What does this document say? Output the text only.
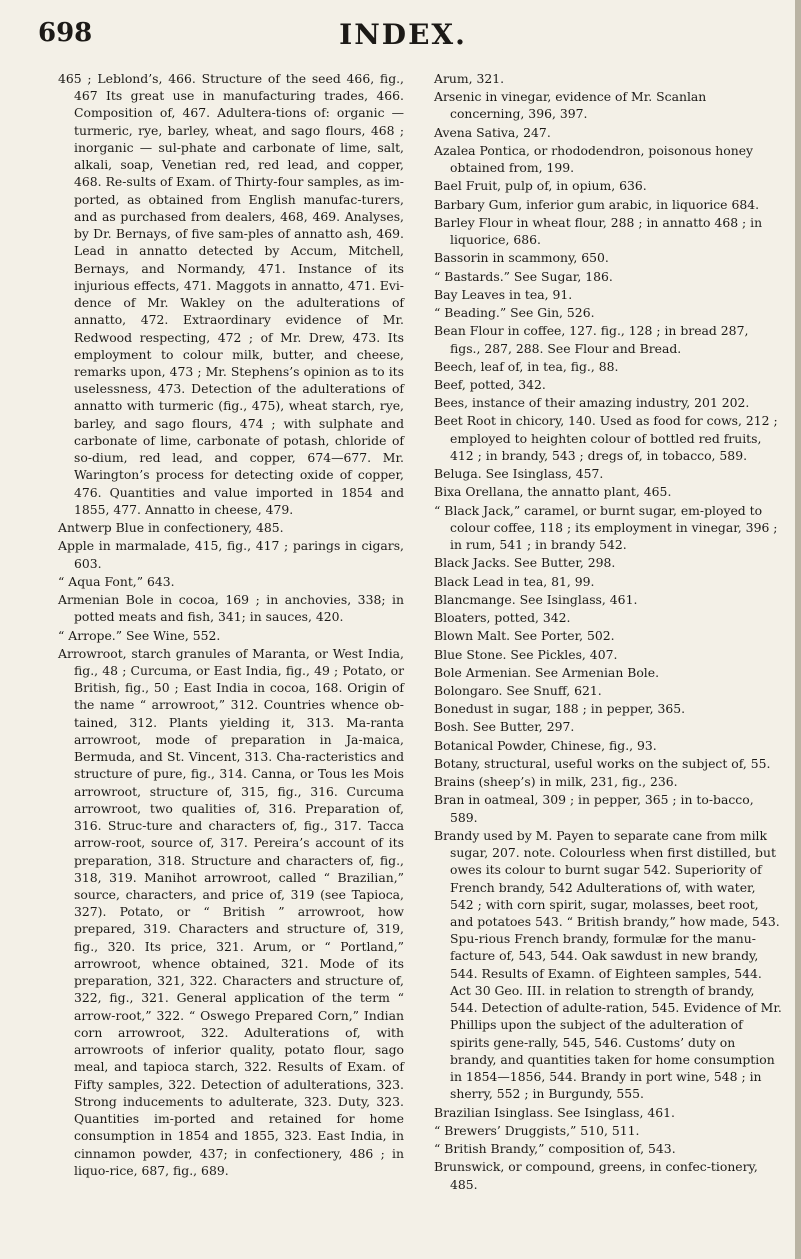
698	INDEX.

465 ; Leblond’s, 466. Structure of the seed 466, fig., 467 Its great use in manufacturing trades, 466. Composition of, 467. Adultera-tions of: organic — turmeric, rye, barley, wheat, and sago flours, 468 ; inorganic — sul-phate and carbonate of lime, salt, alkali, soap, Venetian red, red lead, and copper, 468. Re-sults of Exam. of Thirty-four samples, as im-ported, as obtained from English manufac-turers, and as purchased from dealers, 468, 469. Analyses, by Dr. Bernays, of five sam-ples of annatto ash, 469. Lead in annatto detected by Accum, Mitchell, Bernays, and Normandy, 471. Instance of its injurious effects, 471. Maggots in annatto, 471. Evi-dence of Mr. Wakley on the adulterations of annatto, 472. Extraordinary evidence of Mr. Redwood respecting, 472 ; of Mr. Drew, 473. Its employment to colour milk, butter, and cheese, remarks upon, 473 ; Mr. Stephens’s opinion as to its uselessness, 473. Detection of the adulterations of annatto with turmeric (fig., 475), wheat starch, rye, barley, and sago flours, 474 ; with sulphate and carbonate of lime, carbonate of potash, chloride of so-dium, red lead, and copper, 674—677. Mr. Warington’s process for detecting oxide of copper, 476. Quantities and value imported in 1854 and 1855, 477. Annatto in cheese, 479.

Antwerp Blue in confectionery, 485.

Apple in marmalade, 415, fig., 417 ; parings in cigars, 603.

“ Aqua Font,” 643.

Armenian Bole in cocoa, 169 ; in anchovies, 338; in potted meats and fish, 341; in sauces, 420.

“ Arrope.” See Wine, 552.

Arrowroot, starch granules of Maranta, or West India, fig., 48 ; Curcuma, or East India, fig., 49 ; Potato, or British, fig., 50 ; East India in cocoa, 168. Origin of the name “ arrowroot,” 312. Countries whence ob-tained, 312. Plants yielding it, 313. Ma-ranta arrowroot, mode of preparation in Ja-maica, Bermuda, and St. Vincent, 313. Cha-racteristics and structure of pure, fig., 314. Canna, or Tous les Mois arrowroot, structure of, 315, fig., 316. Curcuma arrowroot, two qualities of, 316. Preparation of, 316. Struc-ture and characters of, fig., 317. Tacca arrow-root, source of, 317. Pereira’s account of its preparation, 318. Structure and characters of, fig., 318, 319. Manihot arrowroot, called “ Brazilian,” source, characters, and price of, 319 (see Tapioca, 327). Potato, or “ British ” arrowroot, how prepared, 319. Characters and structure of, 319, fig., 320. Its price, 321. Arum, or “ Portland,” arrowroot, whence obtained, 321. Mode of its preparation, 321, 322. Characters and structure of, 322, fig., 321. General application of the term “ arrow-root,” 322. “ Oswego Prepared Corn,” Indian corn arrowroot, 322. Adulterations of, with arrowroots of inferior quality, potato flour, sago meal, and tapioca starch, 322. Results of Exam. of Fifty samples, 322. Detection of adulterations, 323. Strong inducements to adulterate, 323. Duty, 323. Quantities im-ported and retained for home consumption in 1854 and 1855, 323. East India, in cinnamon powder, 437; in confectionery, 486 ; in liquo-rice, 687, fig., 689.

Arum, 321.

Arsenic in vinegar, evidence of Mr. Scanlan concerning, 396, 397.

Avena Sativa, 247.

Azalea Pontica, or rhododendron, poisonous honey obtained from, 199.

Bael Fruit, pulp of, in opium, 636.

Barbary Gum, inferior gum arabic, in liquorice 684.

Barley Flour in wheat flour, 288 ; in annatto 468 ; in liquorice, 686.

Bassorin in scammony, 650.

“ Bastards.” See Sugar, 186.

Bay Leaves in tea, 91.

“ Beading.” See Gin, 526.

Bean Flour in coffee, 127. fig., 128 ; in bread 287, figs., 287, 288. See Flour and Bread.

Beech, leaf of, in tea, fig., 88.

Beef, potted, 342.

Bees, instance of their amazing industry, 201 202.

Beet Root in chicory, 140. Used as food for cows, 212 ; employed to heighten colour of bottled red fruits, 412 ; in brandy, 543 ; dregs of, in tobacco, 589.

Beluga. See Isinglass, 457.

Bixa Orellana, the annatto plant, 465.

“ Black Jack,” caramel, or burnt sugar, em-ployed to colour coffee, 118 ; its employment in vinegar, 396 ; in rum, 541 ; in brandy 542.

Black Jacks. See Butter, 298.

Black Lead in tea, 81, 99.

Blancmange. See Isinglass, 461.

Bloaters, potted, 342.

Blown Malt. See Porter, 502.

Blue Stone. See Pickles, 407.

Bole Armenian. See Armenian Bole.

Bolongaro. See Snuff, 621.

Bonedust in sugar, 188 ; in pepper, 365.

Bosh. See Butter, 297.

Botanical Powder, Chinese, fig., 93.

Botany, structural, useful works on the subject of, 55.

Brains (sheep’s) in milk, 231, fig., 236.

Bran in oatmeal, 309 ; in pepper, 365 ; in to-bacco, 589.

Brandy used by M. Payen to separate cane from milk sugar, 207. note. Colourless when first distilled, but owes its colour to burnt sugar 542. Superiority of French brandy, 542 Adulterations of, with water, 542 ; with corn spirit, sugar, molasses, beet root, and potatoes 543. “ British brandy,” how made, 543. Spu-rious French brandy, formulæ for the manu-facture of, 543, 544. Oak sawdust in new brandy, 544. Results of Examn. of Eighteen samples, 544. Act 30 Geo. III. in relation to strength of brandy, 544. Detection of adulte-ration, 545. Evidence of Mr. Phillips upon the subject of the adulteration of spirits gene-rally, 545, 546. Customs’ duty on brandy, and quantities taken for home consumption in 1854—1856, 544. Brandy in port wine, 548 ; in sherry, 552 ; in Burgundy, 555.

Brazilian Isinglass. See Isinglass, 461.

“ Brewers’ Druggists,” 510, 511.

“ British Brandy,” composition of, 543.

Brunswick, or compound, greens, in confec-tionery, 485.
